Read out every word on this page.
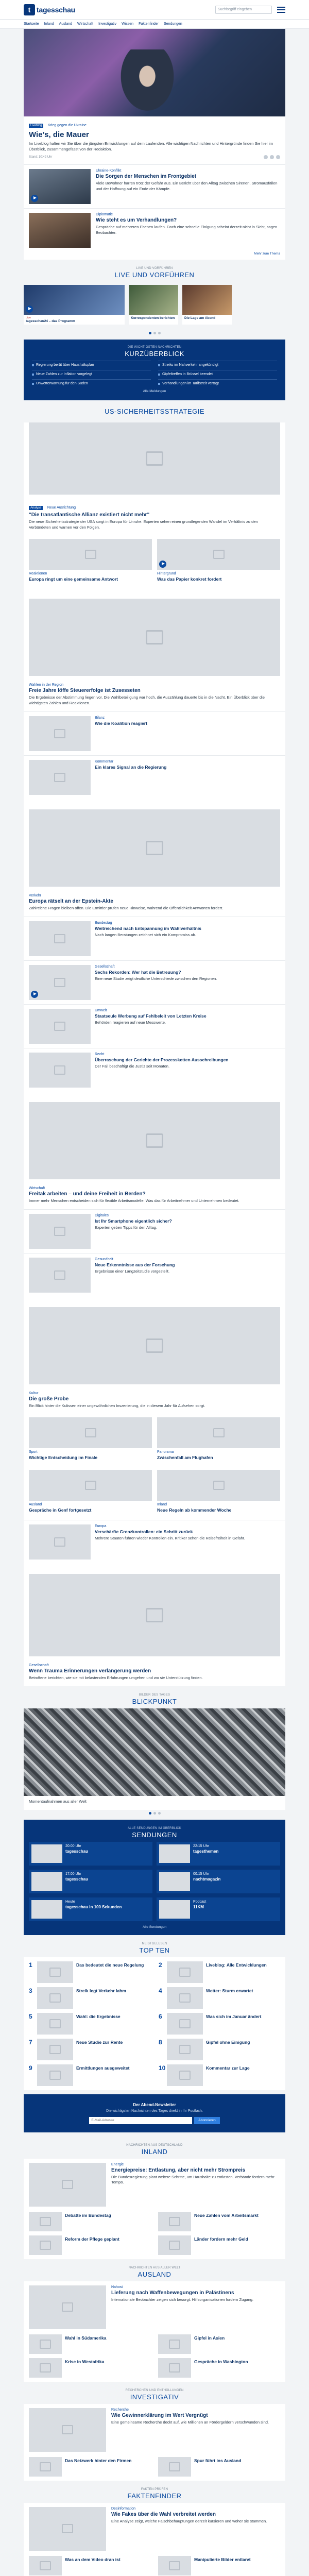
t tagesschau	Suchbegriff eingeben
Startseite Inland Ausland Wirtschaft Investigativ Wissen Faktenfinder Sendungen
Liveblog Krieg gegen die Ukraine
Wie’s, die Mauer
Im Liveblog halten wir Sie über die jüngsten Entwicklungen auf dem Laufenden. Alle wichtigen Nachrichten und Hintergründe finden Sie hier im Überblick, zusammengefasst von der Redaktion.
Stand: 10:42 Uhr
Ukraine-Konflikt
Die Sorgen der Menschen im Frontgebiet
Viele Bewohner harren trotz der Gefahr aus. Ein Bericht über den Alltag zwischen Sirenen, Stromausfällen und der Hoffnung auf ein Ende der Kämpfe.
Diplomatie
Wie steht es um Verhandlungen?
Gespräche auf mehreren Ebenen laufen. Doch eine schnelle Einigung scheint derzeit nicht in Sicht, sagen Beobachter.
Mehr zum Thema
LIVE UND VORFÜHREN
LIVE UND VORFÜHREN
Live
tagesschau24 – das Programm
Korrespondenten berichten	Die Lage am Abend
DIE WICHTIGSTEN NACHRICHTEN
KURZÜBERBLICK
Regierung berät über Haushaltsplan	Streiks im Nahverkehr angekündigt
Neue Zahlen zur Inflation vorgelegt	Gipfeltreffen in Brüssel beendet
Unwetterwarnung für den Süden	Verhandlungen im Tarifstreit vertagt
Alle Meldungen
US-SICHERHEITSSTRATEGIE
Analyse Neue Ausrichtung
"Die transatlantische Allianz existiert nicht mehr"
Die neue Sicherheitsstrategie der USA sorgt in Europa für Unruhe. Experten sehen einen grundlegenden Wandel im Verhältnis zu den Verbündeten und warnen vor den Folgen.
Reaktionen
Europa ringt um eine gemeinsame Antwort
Hintergrund
Was das Papier konkret fordert
Wahlen in der Region
Freie Jahre löffe Steuererfolge ist Zusesseten
Die Ergebnisse der Abstimmung liegen vor. Die Wahlbeteiligung war hoch, die Auszählung dauerte bis in die Nacht. Ein Überblick über die wichtigsten Zahlen und Reaktionen.
Bilanz
Wie die Koalition reagiert
Kommentar
Ein klares Signal an die Regierung
Verkehr
Europa rätselt an der Epstein-Akte
Zahlreiche Fragen bleiben offen. Die Ermittler prüfen neue Hinweise, während die Öffentlichkeit Antworten fordert.
Bundestag
Weitreichend nach Entspannung im Wahlverhältnis
Nach langen Beratungen zeichnet sich ein Kompromiss ab.
Gesellschaft
Sechs Rekorden: Wer hat die Betreuung?
Eine neue Studie zeigt deutliche Unterschiede zwischen den Regionen.
Umwelt
Staatseule Werbung auf Fehlbeleit von Letzten Kreise
Behörden reagieren auf neue Messwerte.
Recht
Überraschung der Gerichte der Prozessketten Ausschreibungen
Der Fall beschäftigt die Justiz seit Monaten.
Wirtschaft
Freitak arbeiten – und deine Freiheit in Berden?
Immer mehr Menschen entscheiden sich für flexible Arbeitsmodelle. Was das für Arbeitnehmer und Unternehmen bedeutet.
Digitales
Ist Ihr Smartphone eigentlich sicher?
Experten geben Tipps für den Alltag.
Gesundheit
Neue Erkenntnisse aus der Forschung
Ergebnisse einer Langzeitstudie vorgestellt.
Kultur
Die große Probe
Ein Blick hinter die Kulissen einer ungewöhnlichen Inszenierung, die in diesem Jahr für Aufsehen sorgt.
Sport
Wichtige Entscheidung im Finale
Panorama
Zwischenfall am Flughafen
Ausland
Gespräche in Genf fortgesetzt
Inland
Neue Regeln ab kommender Woche
Europa
Verschärfte Grenzkontrollen: ein Schritt zurück
Mehrere Staaten führen wieder Kontrollen ein. Kritiker sehen die Reisefreiheit in Gefahr.
Gesellschaft
Wenn Trauma Erinnerungen verlängerung werden
Betroffene berichten, wie sie mit belastenden Erfahrungen umgehen und wo sie Unterstützung finden.
BILDER DES TAGES
BLICKPUNKT
Momentaufnahmen aus aller Welt
ALLE SENDUNGEN IM ÜBERBLICK
SENDUNGEN
20:00 Uhr
tagesschau
22:15 Uhr
tagesthemen
17:00 Uhr
tagesschau
00:15 Uhr
nachtmagazin
Heute
tagesschau in 100 Sekunden
Podcast
11KM
Alle Sendungen
MEISTGELESEN
TOP TEN
1	Das bedeutet die neue Regelung 2	Liveblog: Alle Entwicklungen
3	Streik legt Verkehr lahm	4	Wetter: Sturm erwartet
5	Wahl: die Ergebnisse	6	Was sich im Januar ändert
7	Neue Studie zur Rente	8	Gipfel ohne Einigung
9	Ermittlungen ausgeweitet	10	Kommentar zur Lage
Der Abend-Newsletter

Die wichtigsten Nachrichten des Tages direkt in Ihr Postfach.

E-Mail-Adresse
Abonnieren
NACHRICHTEN AUS DEUTSCHLAND
INLAND
Energie
Energiepreise: Entlastung, aber nicht mehr Strompreis
Die Bundesregierung plant weitere Schritte, um Haushalte zu entlasten. Verbände fordern mehr Tempo.
Debatte im Bundestag	Neue Zahlen vom Arbeitsmarkt
Reform der Pflege geplant	Länder fordern mehr Geld
NACHRICHTEN AUS ALLER WELT
AUSLAND
Nahost
Lieferung nach Waffenbewegungen in Palästinens
Internationale Beobachter zeigen sich besorgt. Hilfsorganisationen fordern Zugang.
Wahl in Südamerika	Gipfel in Asien
Krise in Westafrika	Gespräche in Washington
RECHERCHEN UND ENTHÜLLUNGEN
INVESTIGATIV
Recherche
Wie Gewinnerklärung im Wert Vergnügt
Eine gemeinsame Recherche deckt auf, wie Millionen an Fördergeldern verschwunden sind.
Das Netzwerk hinter den Firmen	Spur führt ins Ausland
FAKTEN PRÜFEN
FAKTENFINDER
Desinformation
Wie Fakes über die Wahl verbreitet werden
Eine Analyse zeigt, welche Falschbehauptungen derzeit kursieren und woher sie stammen.
Was an dem Video dran ist	Manipulierte Bilder entlarvt
